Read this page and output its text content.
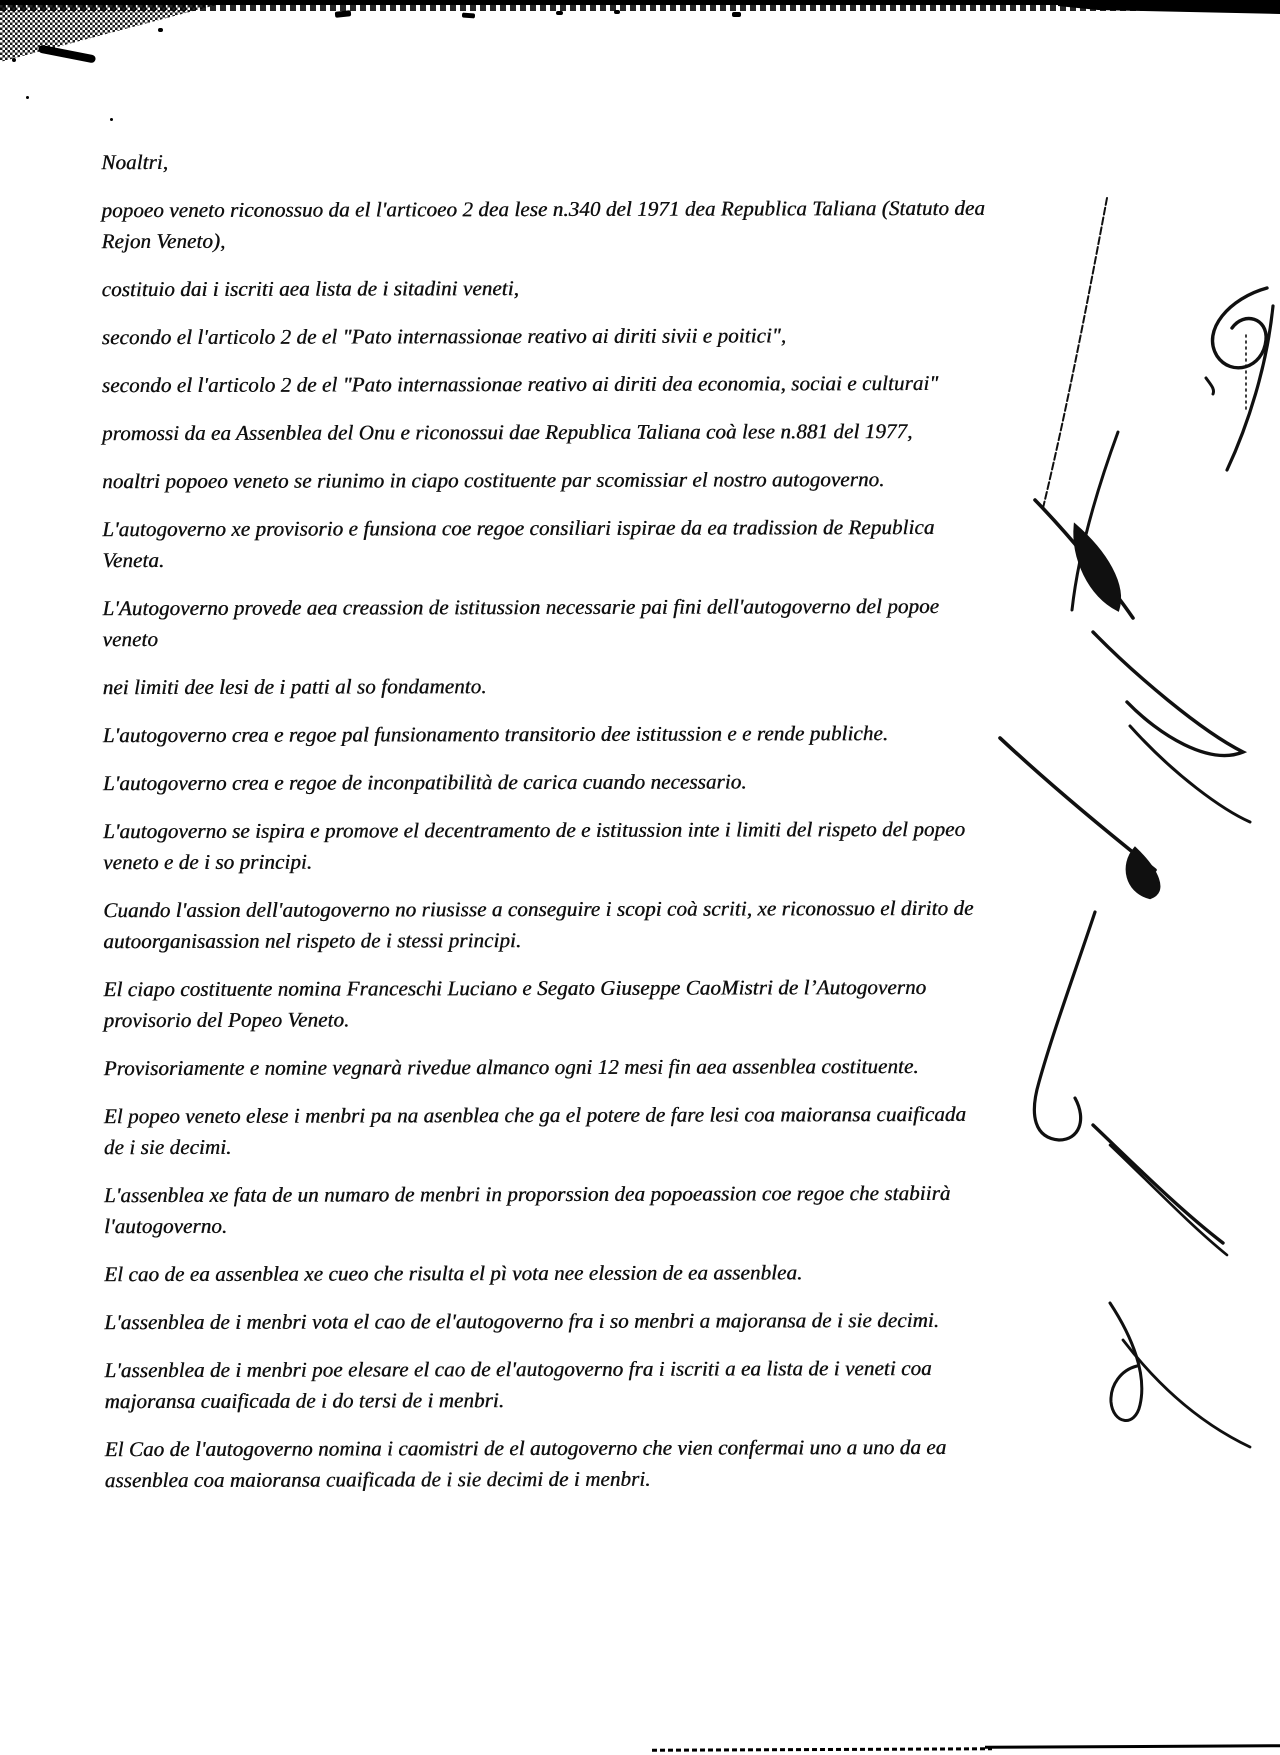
Noaltri,

popoeo veneto riconossuo da el l'articoeo 2 dea lese n.340 del 1971 dea Republica Taliana (Statuto dea Rejon Veneto),

costituio dai i iscriti aea lista de i sitadini veneti,

secondo el l'articolo 2 de el "Pato internassionae reativo ai diriti sivii e poitici",

secondo el l'articolo 2 de el "Pato internassionae reativo ai diriti dea economia, sociai e culturai"

promossi da ea Assenblea del Onu e riconossui dae Republica Taliana coà lese n.881 del 1977,

noaltri popoeo veneto se riunimo in ciapo costituente par scomissiar el nostro autogoverno.

L'autogoverno xe provisorio e funsiona coe regoe consiliari ispirae da ea tradission de Republica Veneta.

L'Autogoverno provede aea creassion de istitussion necessarie pai fini dell'autogoverno del popoe veneto

nei limiti dee lesi de i patti al so fondamento.

L'autogoverno crea e regoe pal funsionamento transitorio dee istitussion e e rende publiche.

L'autogoverno crea e regoe de inconpatibilità de carica cuando necessario.

L'autogoverno se ispira e promove el decentramento de e istitussion inte i limiti del rispeto del popeo veneto e de i so principi.

Cuando l'assion dell'autogoverno no riusisse a conseguire i scopi coà scriti, xe riconossuo el dirito de autoorganisassion nel rispeto de i stessi principi.

El ciapo costituente nomina Franceschi Luciano e Segato Giuseppe CaoMistri de l’Autogoverno provisorio del Popeo Veneto.

Provisoriamente e nomine vegnarà rivedue almanco ogni 12 mesi fin aea assenblea costituente.

El popeo veneto elese i menbri pa na asenblea che ga el potere de fare lesi coa maioransa cuaificada de i sie decimi.

L'assenblea xe fata de un numaro de menbri in proporssion dea popoeassion coe regoe che stabiirà l'autogoverno.

El cao de ea assenblea xe cueo che risulta el pì vota nee elession de ea assenblea.

L'assenblea de i menbri vota el cao de el'autogoverno fra i so menbri a majoransa de i sie decimi.

L'assenblea de i menbri poe elesare el cao de el'autogoverno fra i iscriti a ea lista de i veneti coa majoransa cuaificada de i do tersi de i menbri.

El Cao de l'autogoverno nomina i caomistri de el autogoverno che vien confermai uno a uno da ea assenblea coa maioransa cuaificada de i sie decimi de i menbri.
